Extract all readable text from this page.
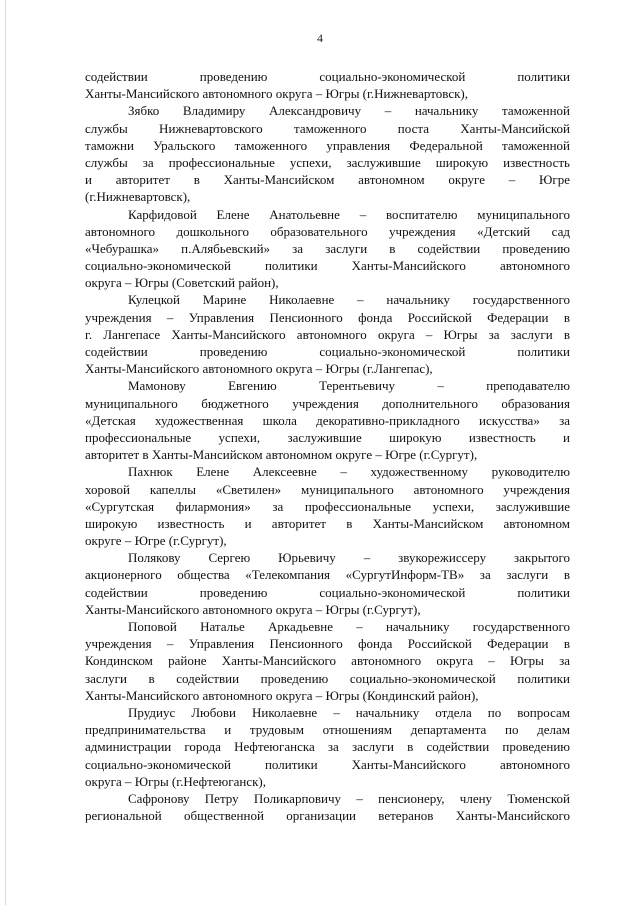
4
содействии проведению социально-экономической политики
Ханты-Мансийского автономного округа – Югры (г.Нижневартовск),
Зябко Владимиру Александровичу – начальнику таможенной
службы Нижневартовского таможенного поста Ханты-Мансийской
таможни Уральского таможенного управления Федеральной таможенной
службы за профессиональные успехи, заслужившие широкую известность
и авторитет в Ханты-Мансийском автономном округе – Югре
(г.Нижневартовск),
Карфидовой Елене Анатольевне – воспитателю муниципального
автономного дошкольного образовательного учреждения «Детский сад
«Чебурашка» п.Алябьевский» за заслуги в содействии проведению
социально-экономической политики Ханты-Мансийского автономного
округа – Югры (Советский район),
Кулецкой Марине Николаевне – начальнику государственного
учреждения – Управления Пенсионного фонда Российской Федерации в
г. Лангепасе Ханты-Мансийского автономного округа – Югры за заслуги в
содействии проведению социально-экономической политики
Ханты-Мансийского автономного округа – Югры (г.Лангепас),
Мамонову Евгению Терентьевичу – преподавателю
муниципального бюджетного учреждения дополнительного образования
«Детская художественная школа декоративно-прикладного искусства» за
профессиональные успехи, заслужившие широкую известность и
авторитет в Ханты-Мансийском автономном округе – Югре (г.Сургут),
Пахнюк Елене Алексеевне – художественному руководителю
хоровой капеллы «Светилен» муниципального автономного учреждения
«Сургутская филармония» за профессиональные успехи, заслужившие
широкую известность и авторитет в Ханты-Мансийском автономном
округе – Югре (г.Сургут),
Полякову Сергею Юрьевичу – звукорежиссеру закрытого
акционерного общества «Телекомпания «СургутИнформ-ТВ» за заслуги в
содействии проведению социально-экономической политики
Ханты-Мансийского автономного округа – Югры (г.Сургут),
Поповой Наталье Аркадьевне – начальнику государственного
учреждения – Управления Пенсионного фонда Российской Федерации в
Кондинском районе Ханты-Мансийского автономного округа – Югры за
заслуги в содействии проведению социально-экономической политики
Ханты-Мансийского автономного округа – Югры (Кондинский район),
Прудиус Любови Николаевне – начальнику отдела по вопросам
предпринимательства и трудовым отношениям департамента по делам
администрации города Нефтеюганска за заслуги в содействии проведению
социально-экономической политики Ханты-Мансийского автономного
округа – Югры (г.Нефтеюганск),
Сафронову Петру Поликарповичу – пенсионеру, члену Тюменской
региональной общественной организации ветеранов Ханты-Мансийского
